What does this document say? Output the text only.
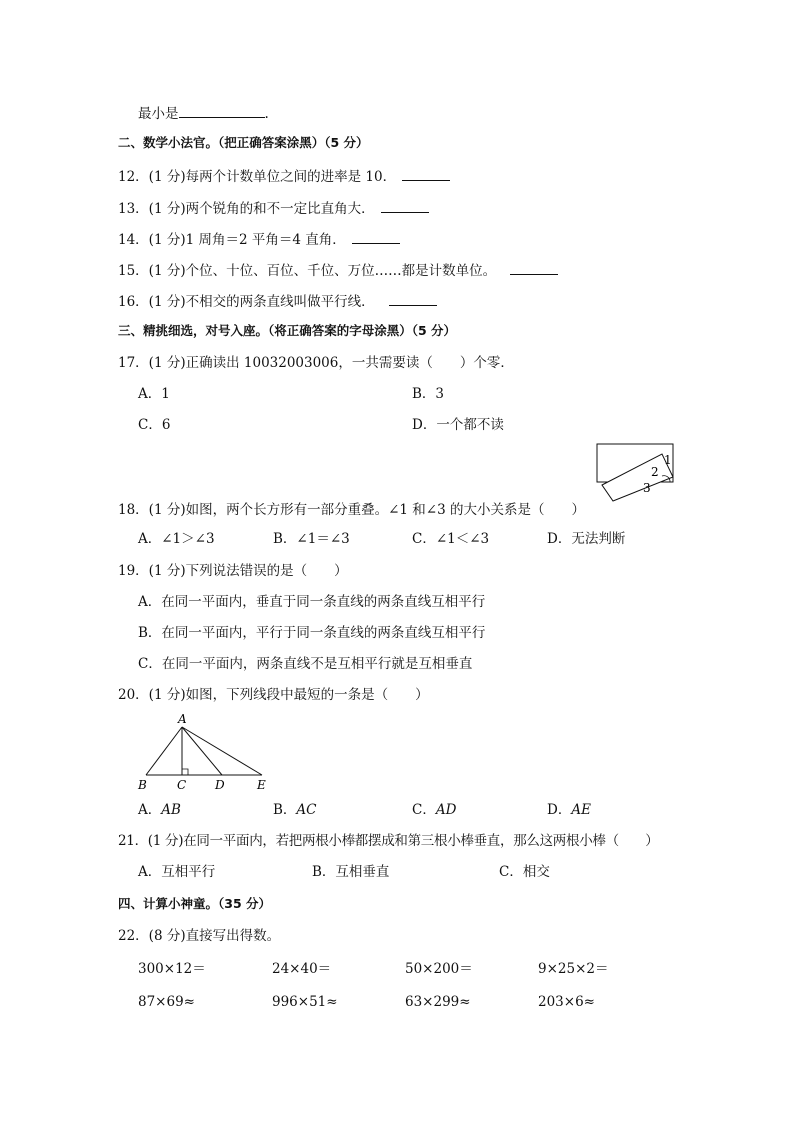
最小是	.
二、数学小法官。（把正确答案涂黑）（5 分）
12．(1 分)每两个计数单位之间的进率是 10．
13．(1 分)两个锐角的和不一定比直角大．
14．(1 分)1 周角＝2 平角＝4 直角．
15．(1 分)个位、十位、百位、千位、万位……都是计数单位。
16．(1 分)不相交的两条直线叫做平行线．
三、精挑细选，对号入座。（将正确答案的字母涂黑）（5 分）
17．(1 分)正确读出 10032003006，一共需要读（　　）个零．
A．1	B．3
C．6	D．一个都不读
1
2
3
18．(1 分)如图，两个长方形有一部分重叠。∠1 和∠3 的大小关系是（　　）
A．∠1＞∠3	B．∠1＝∠3	C．∠1＜∠3	D．无法判断
19．(1 分)下列说法错误的是（　　）
A．在同一平面内，垂直于同一条直线的两条直线互相平行
B．在同一平面内，平行于同一条直线的两条直线互相平行
C．在同一平面内，两条直线不是互相平行就是互相垂直
20．(1 分)如图，下列线段中最短的一条是（　　）
A
B	C D	E
A．AB	B．AC	C．AD	D．AE
21．(1 分)在同一平面内，若把两根小棒都摆成和第三根小棒垂直，那么这两根小棒（　　）
A．互相平行	B．互相垂直	C．相交
四、计算小神童。（35 分）
22．(8 分)直接写出得数。
300×12＝	24×40＝	50×200＝	9×25×2＝
87×69≈	996×51≈	63×299≈	203×6≈
